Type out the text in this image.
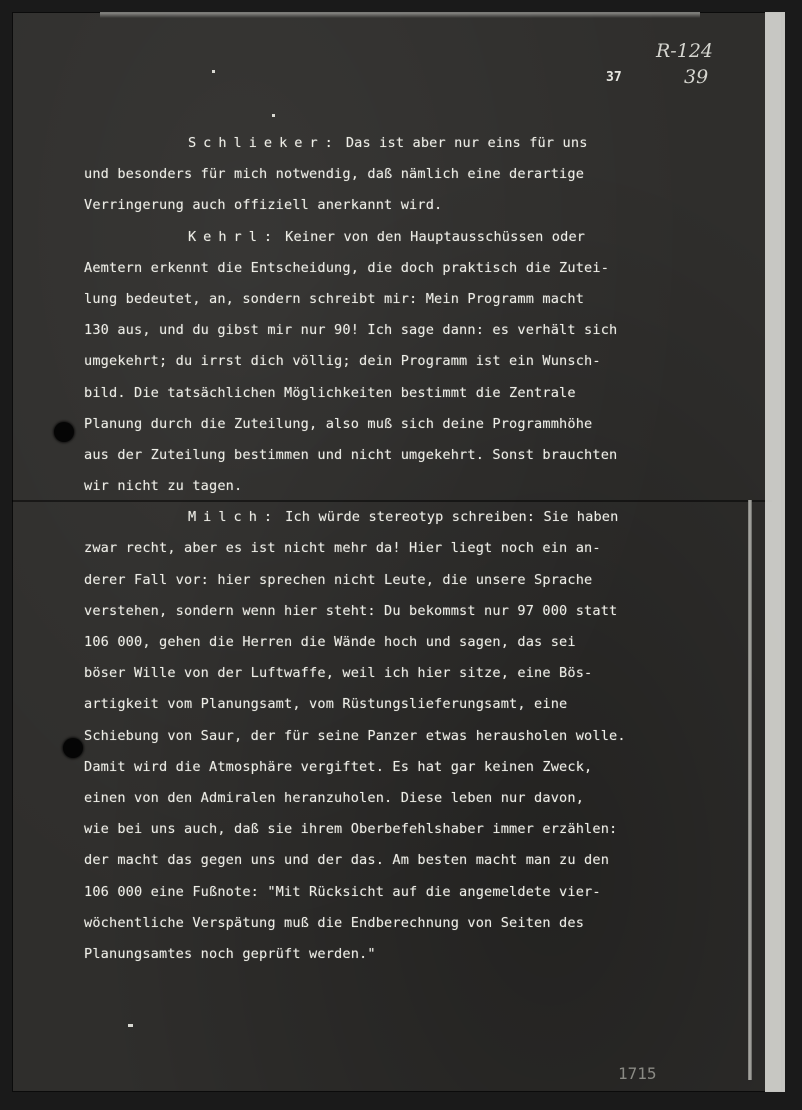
37
R-124
39
Schlieker: Das ist aber nur eins für uns
und besonders für mich notwendig, daß nämlich eine derartige
Verringerung auch offiziell anerkannt wird.
Kehrl: Keiner von den Hauptausschüssen oder
Aemtern erkennt die Entscheidung, die doch praktisch die Zutei-
lung bedeutet, an, sondern schreibt mir: Mein Programm macht
130 aus, und du gibst mir nur 90! Ich sage dann: es verhält sich
umgekehrt; du irrst dich völlig; dein Programm ist ein Wunsch-
bild. Die tatsächlichen Möglichkeiten bestimmt die Zentrale
Planung durch die Zuteilung, also muß sich deine Programmhöhe
aus der Zuteilung bestimmen und nicht umgekehrt. Sonst brauchten
wir nicht zu tagen.
Milch: Ich würde stereotyp schreiben: Sie haben
zwar recht, aber es ist nicht mehr da! Hier liegt noch ein an-
derer Fall vor: hier sprechen nicht Leute, die unsere Sprache
verstehen, sondern wenn hier steht: Du bekommst nur 97 000 statt
106 000, gehen die Herren die Wände hoch und sagen, das sei
böser Wille von der Luftwaffe, weil ich hier sitze, eine Bös-
artigkeit vom Planungsamt, vom Rüstungslieferungsamt, eine
Schiebung von Saur, der für seine Panzer etwas herausholen wolle.
Damit wird die Atmosphäre vergiftet. Es hat gar keinen Zweck,
einen von den Admiralen heranzuholen. Diese leben nur davon,
wie bei uns auch, daß sie ihrem Oberbefehlshaber immer erzählen:
der macht das gegen uns und der das. Am besten macht man zu den
106 000 eine Fußnote: "Mit Rücksicht auf die angemeldete vier-
wöchentliche Verspätung muß die Endberechnung von Seiten des
Planungsamtes noch geprüft werden."
1715
